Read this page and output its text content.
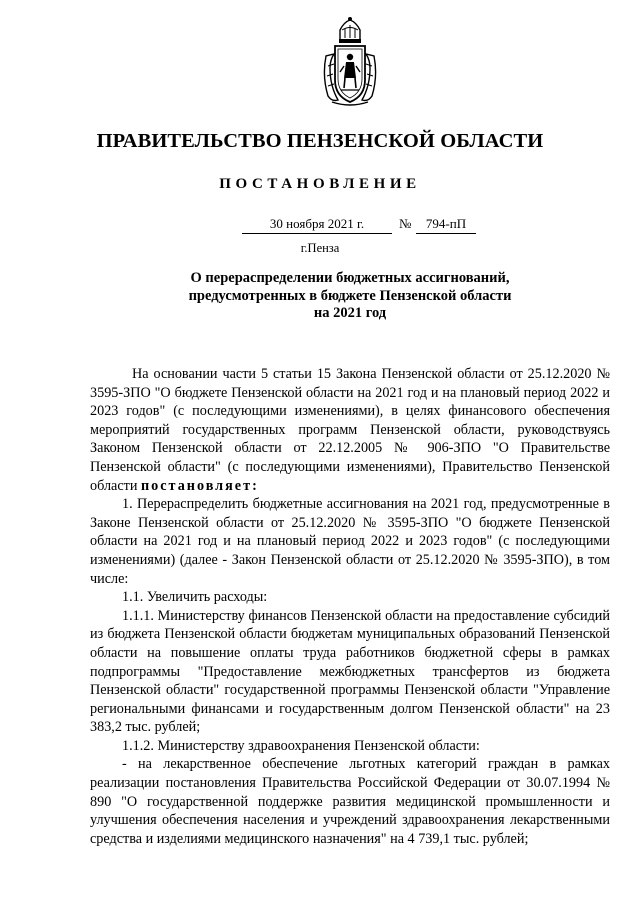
ПРАВИТЕЛЬСТВО ПЕНЗЕНСКОЙ ОБЛАСТИ
ПОСТАНОВЛЕНИЕ
30 ноября 2021 г.	№	794-пП
г.Пенза
О перераспределении бюджетных ассигнований,
предусмотренных в бюджете Пензенской области
на 2021 год

На основании части 5 статьи 15 Закона Пензенской области от 25.12.2020 № 3595-ЗПО "О бюджете Пензенской области на 2021 год и на плановый период 2022 и 2023 годов" (с последующими изменениями), в целях финансового обеспечения мероприятий государственных программ Пензенской области, руководствуясь Законом Пензенской области от 22.12.2005 № 906-ЗПО "О Правительстве Пензенской области" (с последующими изменениями), Правительство Пензенской области постановляет:

1. Перераспределить бюджетные ассигнования на 2021 год, предусмотренные в Законе Пензенской области от 25.12.2020 № 3595-ЗПО "О бюджете Пензенской области на 2021 год и на плановый период 2022 и 2023 годов" (с последующими изменениями) (далее - Закон Пензенской области от 25.12.2020 № 3595-ЗПО), в том числе:

1.1. Увеличить расходы:

1.1.1. Министерству финансов Пензенской области на предоставление субсидий из бюджета Пензенской области бюджетам муниципальных образований Пензенской области на повышение оплаты труда работников бюджетной сферы в рамках подпрограммы "Предоставление межбюджетных трансфертов из бюджета Пензенской области" государственной программы Пензенской области "Управление региональными финансами и государственным долгом Пензенской области" на 23 383,2 тыс. рублей;

1.1.2. Министерству здравоохранения Пензенской области:

- на лекарственное обеспечение льготных категорий граждан в рамках реализации постановления Правительства Российской Федерации от 30.07.1994 № 890 "О государственной поддержке развития медицинской промышленности и улучшения обеспечения населения и учреждений здравоохранения лекарственными средства и изделиями медицинского назначения" на 4 739,1 тыс. рублей;
